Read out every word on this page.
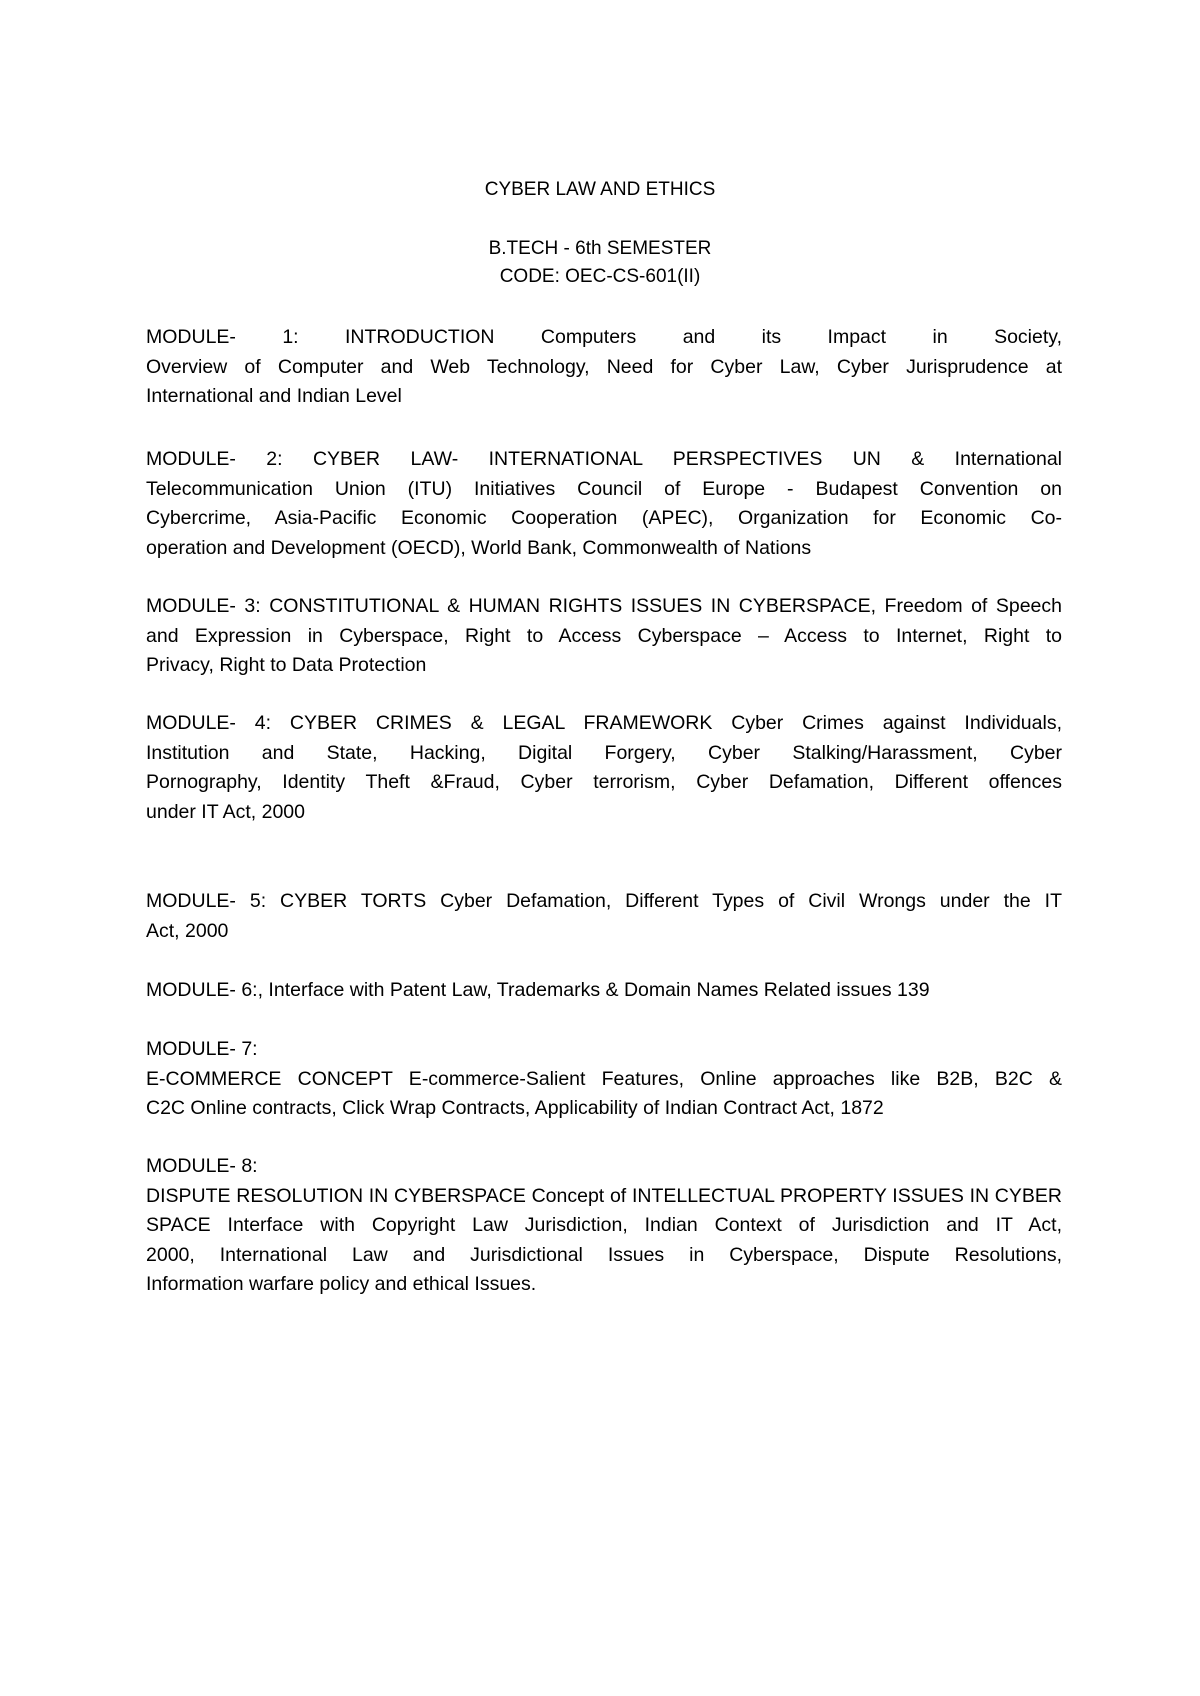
CYBER LAW AND ETHICS
B.TECH - 6th SEMESTER
CODE: OEC-CS-601(II)
MODULE- 1: INTRODUCTION Computers and its Impact in Society,
Overview of Computer and Web Technology, Need for Cyber Law, Cyber Jurisprudence at
International and Indian Level
MODULE- 2: CYBER LAW- INTERNATIONAL PERSPECTIVES UN & International
Telecommunication Union (ITU) Initiatives Council of Europe - Budapest Convention on
Cybercrime, Asia-Pacific Economic Cooperation (APEC), Organization for Economic Co-
operation and Development (OECD), World Bank, Commonwealth of Nations
MODULE- 3: CONSTITUTIONAL & HUMAN RIGHTS ISSUES IN CYBERSPACE, Freedom of Speech
and Expression in Cyberspace, Right to Access Cyberspace – Access to Internet, Right to
Privacy, Right to Data Protection
MODULE- 4: CYBER CRIMES & LEGAL FRAMEWORK Cyber Crimes against Individuals,
Institution and State, Hacking, Digital Forgery, Cyber Stalking/Harassment, Cyber
Pornography, Identity Theft &Fraud, Cyber terrorism, Cyber Defamation, Different offences
under IT Act, 2000
MODULE- 5: CYBER TORTS Cyber Defamation, Different Types of Civil Wrongs under the IT
Act, 2000
MODULE- 6:, Interface with Patent Law, Trademarks & Domain Names Related issues 139
MODULE- 7:
E-COMMERCE CONCEPT E-commerce-Salient Features, Online approaches like B2B, B2C &
C2C Online contracts, Click Wrap Contracts, Applicability of Indian Contract Act, 1872
MODULE- 8:
DISPUTE RESOLUTION IN CYBERSPACE Concept of INTELLECTUAL PROPERTY ISSUES IN CYBER
SPACE Interface with Copyright Law Jurisdiction, Indian Context of Jurisdiction and IT Act,
2000, International Law and Jurisdictional Issues in Cyberspace, Dispute Resolutions,
Information warfare policy and ethical Issues.
